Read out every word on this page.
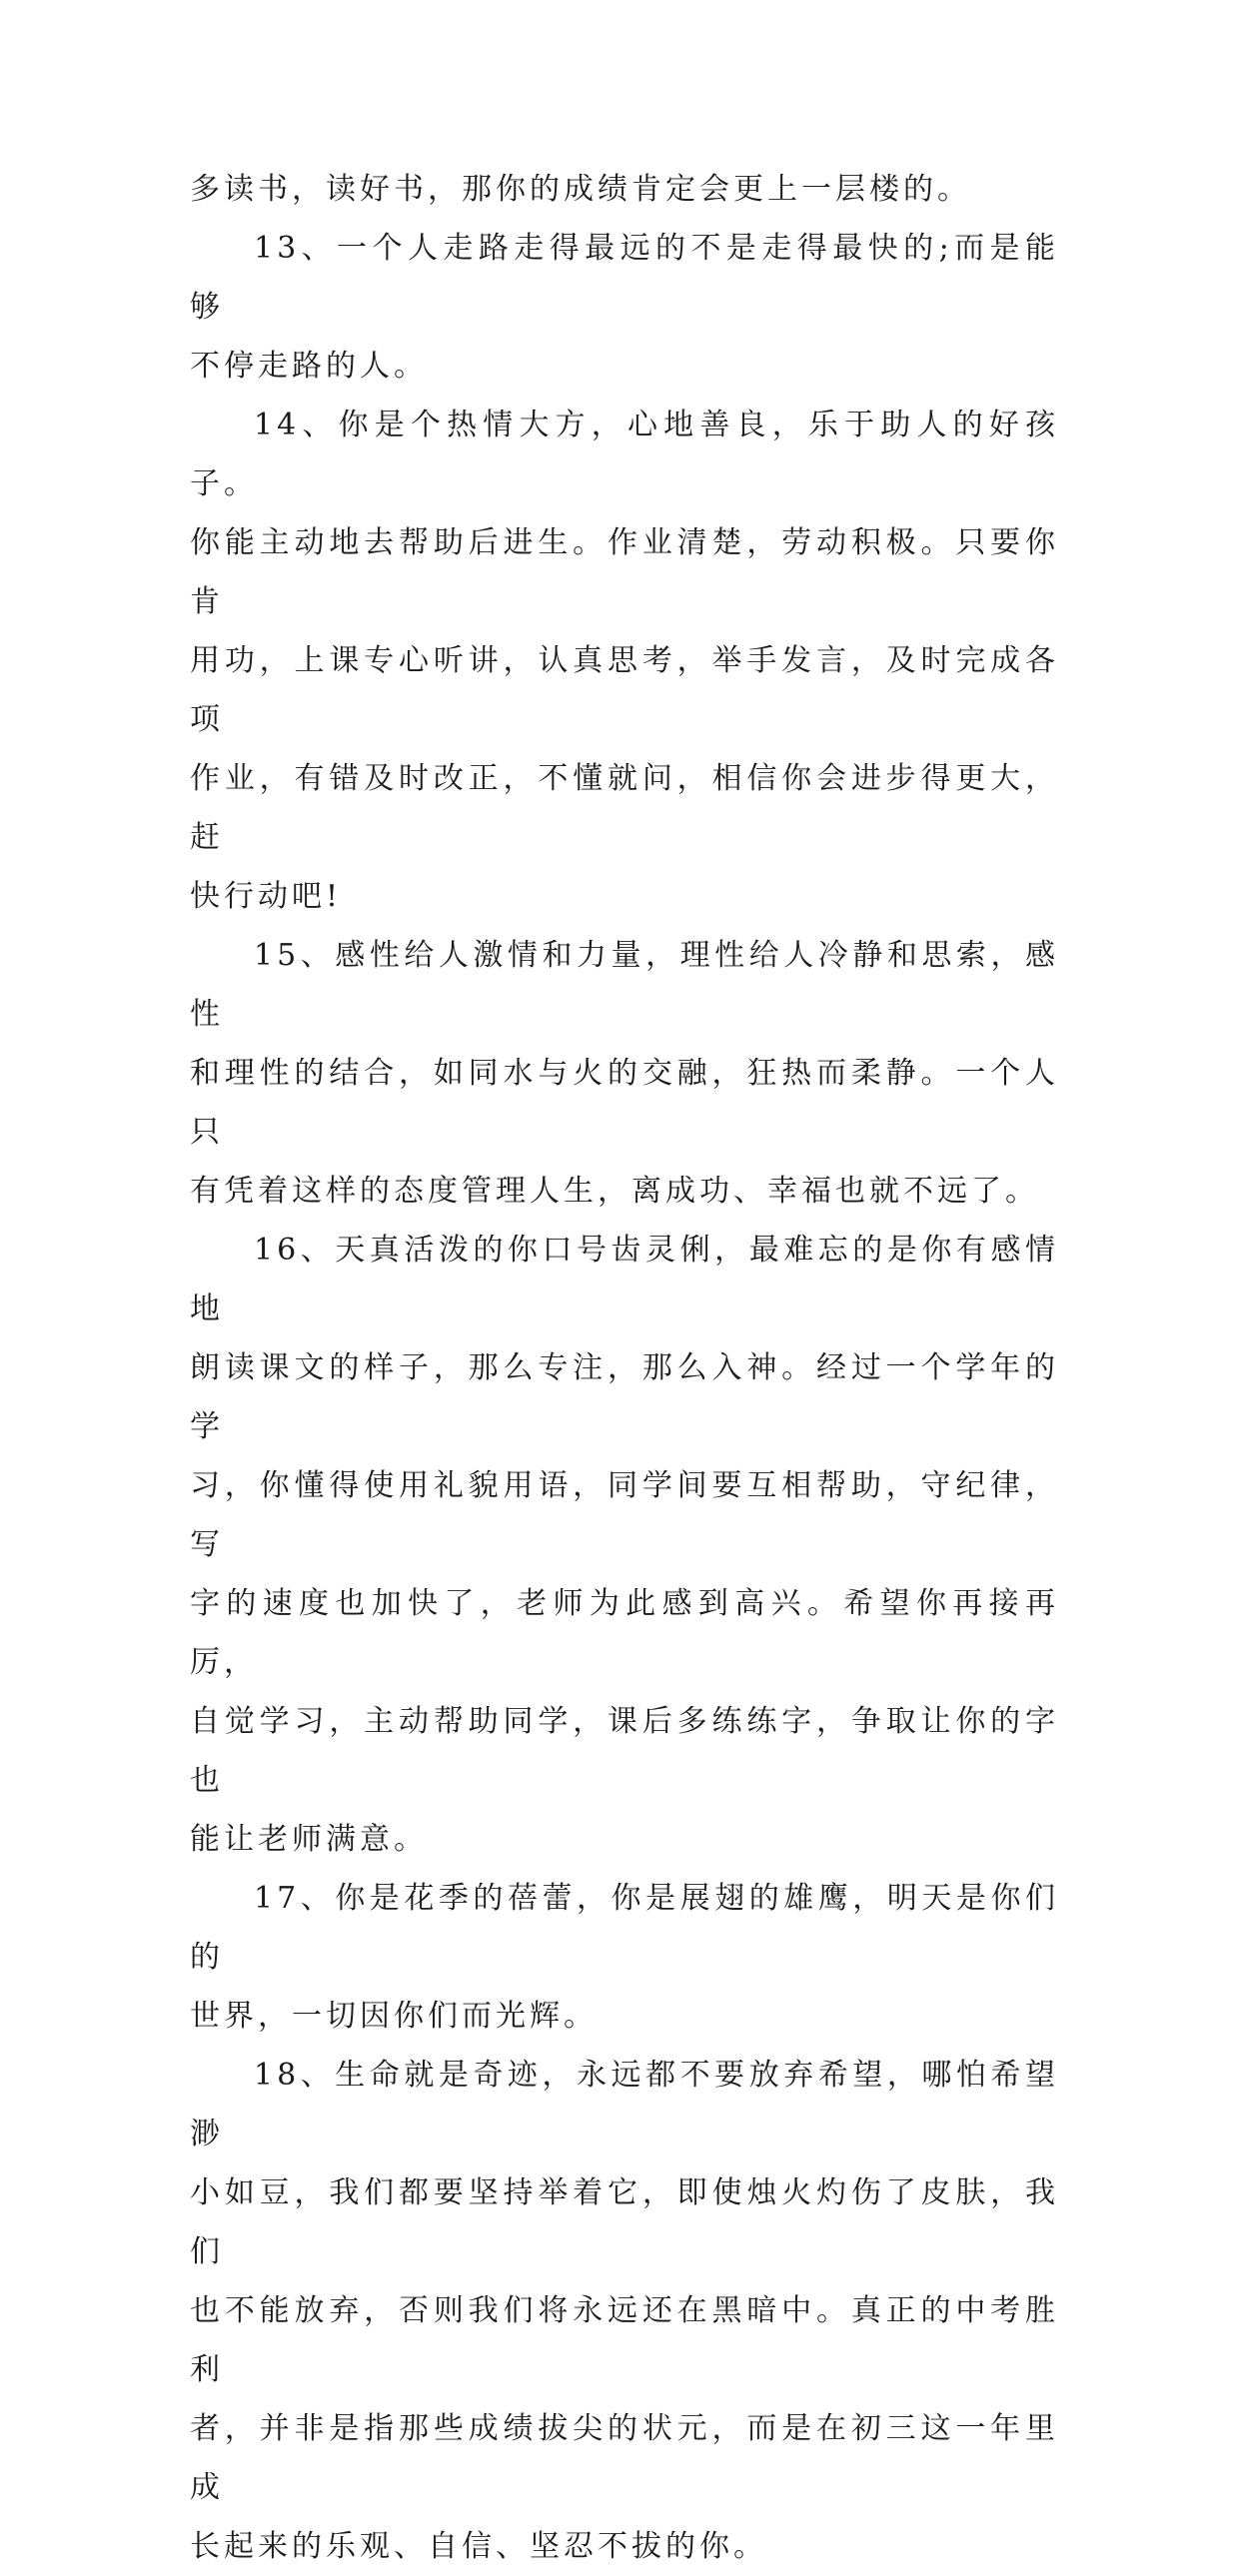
多读书，读好书，那你的成绩肯定会更上一层楼的。

13、一个人走路走得最远的不是走得最快的;而是能够
不停走路的人。

14、你是个热情大方，心地善良，乐于助人的好孩子。
你能主动地去帮助后进生。作业清楚，劳动积极。只要你肯
用功，上课专心听讲，认真思考，举手发言，及时完成各项
作业，有错及时改正，不懂就问，相信你会进步得更大，赶
快行动吧!

15、感性给人激情和力量，理性给人冷静和思索，感性
和理性的结合，如同水与火的交融，狂热而柔静。一个人只
有凭着这样的态度管理人生，离成功、幸福也就不远了。

16、天真活泼的你口号齿灵俐，最难忘的是你有感情地
朗读课文的样子，那么专注，那么入神。经过一个学年的学
习，你懂得使用礼貌用语，同学间要互相帮助，守纪律，写
字的速度也加快了，老师为此感到高兴。希望你再接再厉，
自觉学习，主动帮助同学，课后多练练字，争取让你的字也
能让老师满意。

17、你是花季的蓓蕾，你是展翅的雄鹰，明天是你们的
世界，一切因你们而光辉。

18、生命就是奇迹，永远都不要放弃希望，哪怕希望渺
小如豆，我们都要坚持举着它，即使烛火灼伤了皮肤，我们
也不能放弃，否则我们将永远还在黑暗中。真正的中考胜利
者，并非是指那些成绩拔尖的状元，而是在初三这一年里成
长起来的乐观、自信、坚忍不拔的你。
